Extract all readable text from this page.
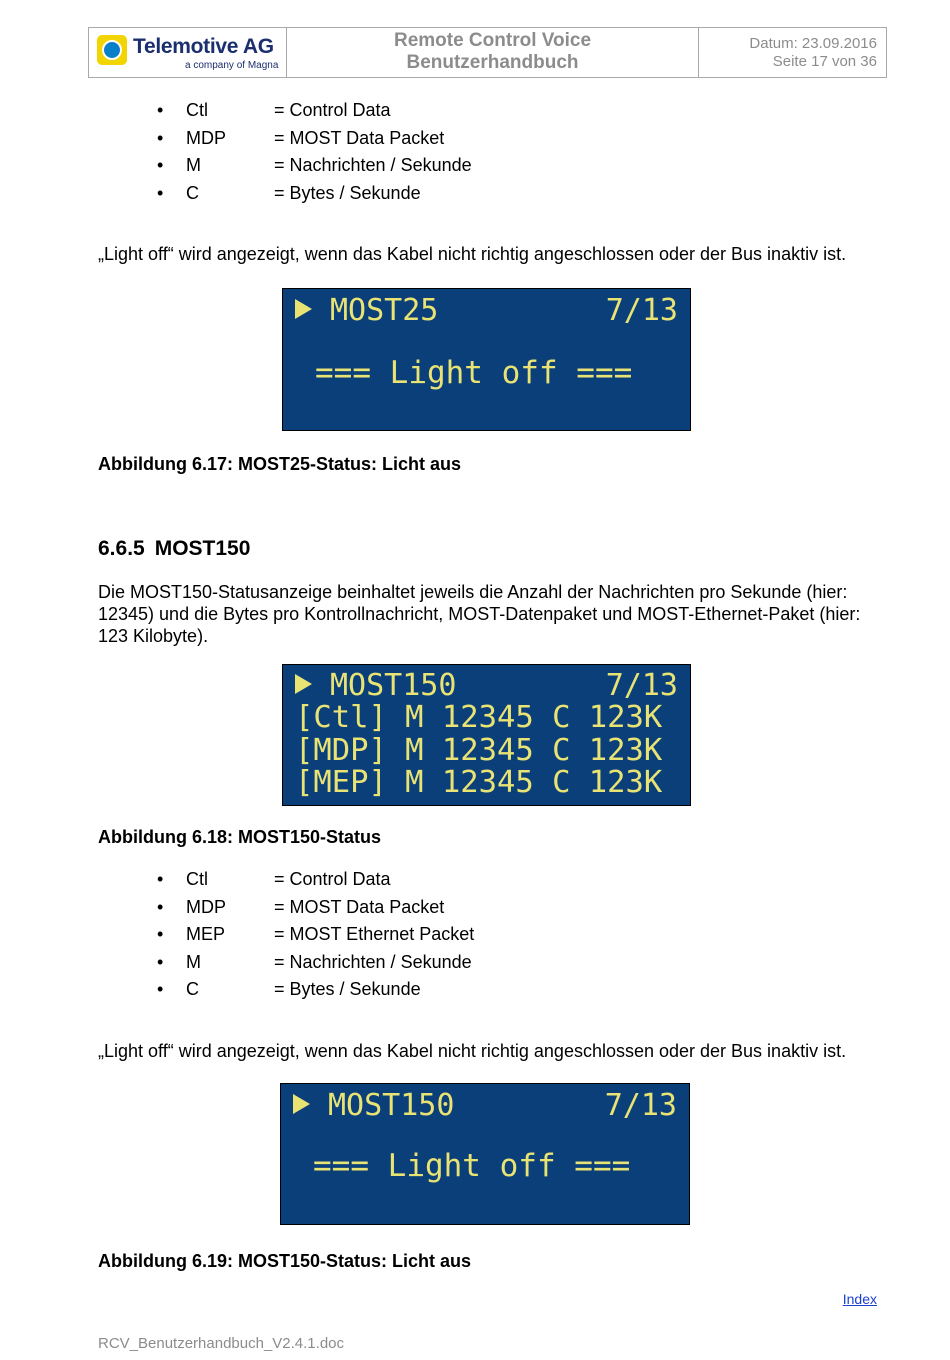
Telemotive AG
a company of Magna
Remote Control Voice
Benutzerhandbuch
Datum: 23.09.2016
Seite 17 von 36
•	Ctl	= Control Data
•	MDP	= MOST Data Packet
•	M	= Nachrichten / Sekunde
•	C	= Bytes / Sekunde
„Light off“ wird angezeigt, wenn das Kabel nicht richtig angeschlossen oder der Bus inaktiv ist.
MOST25	7/13
=== Light off ===
Abbildung 6.17: MOST25-Status: Licht aus
6.6.5 MOST150
Die MOST150-Statusanzeige beinhaltet jeweils die Anzahl der Nachrichten pro Sekunde (hier: 12345) und die Bytes pro Kontrollnachricht, MOST-Datenpaket und MOST-Ethernet-Paket (hier: 123 Kilobyte).
MOST150	7/13
[Ctl] M 12345 C 123K
[MDP] M 12345 C 123K
[MEP] M 12345 C 123K
Abbildung 6.18: MOST150-Status
•	Ctl	= Control Data
•	MDP	= MOST Data Packet
•	MEP	= MOST Ethernet Packet
•	M	= Nachrichten / Sekunde
•	C	= Bytes / Sekunde
„Light off“ wird angezeigt, wenn das Kabel nicht richtig angeschlossen oder der Bus inaktiv ist.
MOST150	7/13
=== Light off ===
Abbildung 6.19: MOST150-Status: Licht aus
Index
RCV_Benutzerhandbuch_V2.4.1.doc
